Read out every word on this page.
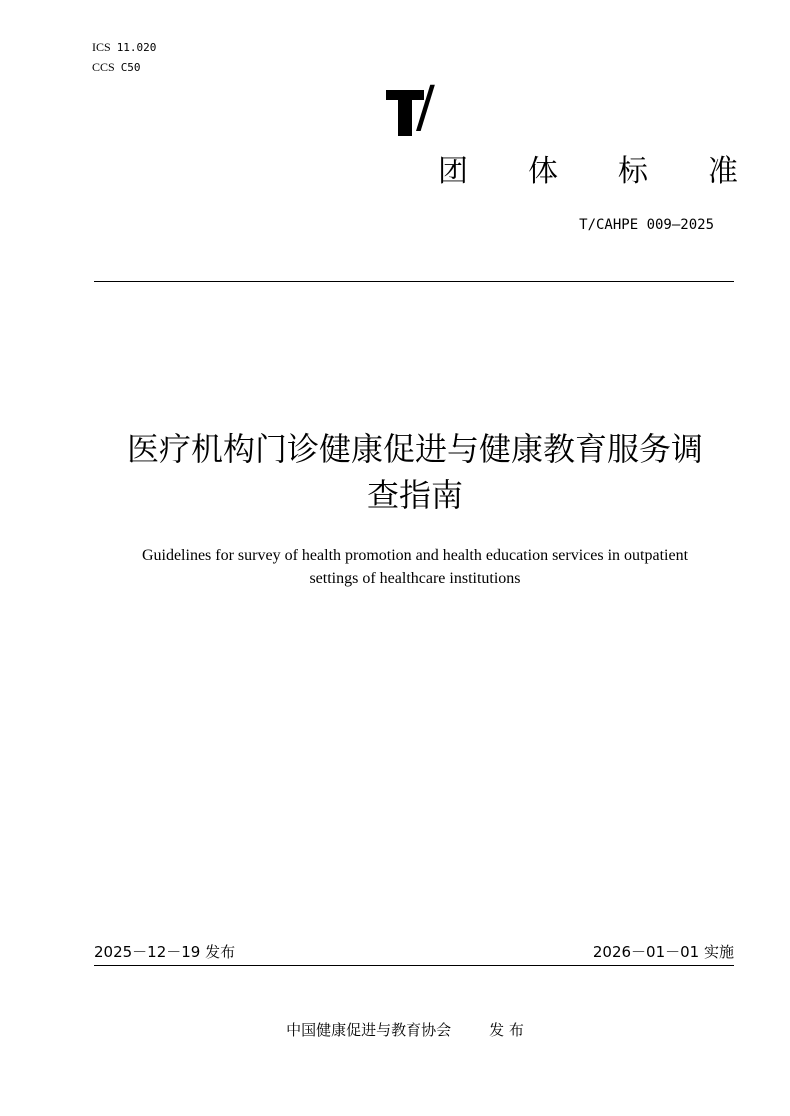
ICS 11.020
CCS C50
/
团 体 标 准
T/CAHPE 009—2025
医疗机构门诊健康促进与健康教育服务调
查指南
Guidelines for survey of health promotion and health education services in outpatient
settings of healthcare institutions
2025－12－19 发布	2026－01－01 实施
中国健康促进与教育协会	发 布
